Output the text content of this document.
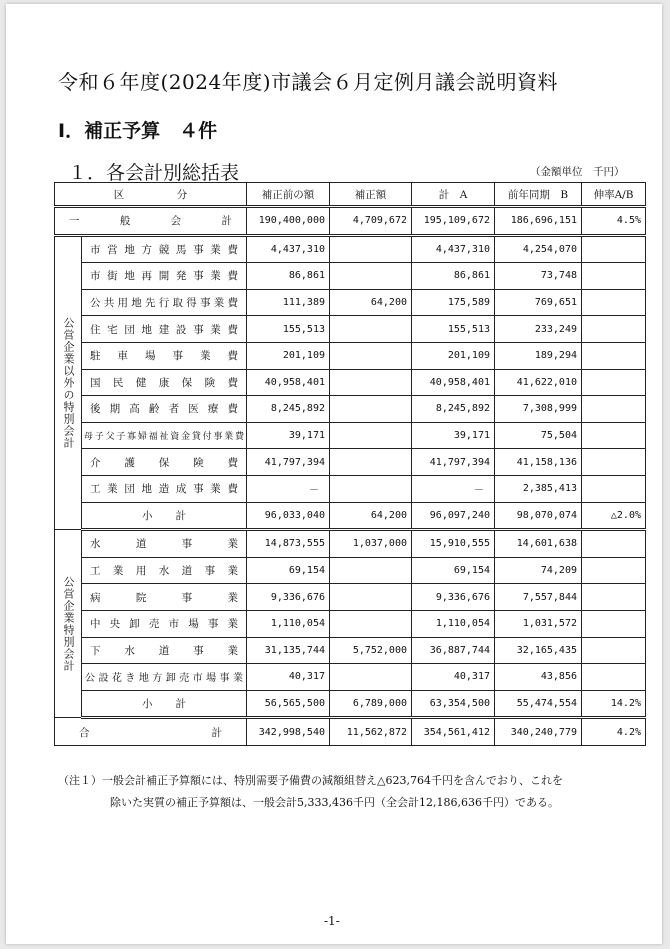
令和６年度(2024年度)市議会６月定例月議会説明資料
Ⅰ．補正予算　４件
１．各会計別総括表	（金額単位　千円）
区　　　　　分		補正前の額	補正額	計　A	前年同期　B	伸率A/B
一　般　会　計		190,400,000	4,709,672	195,109,672	186,696,151	4.5%
公営企業以外の特別会計	市営地方競馬事業費	4,437,310		4,437,310	4,254,070	
	市街地再開発事業費	86,861		86,861	73,748	
	公共用地先行取得事業費	111,389	64,200	175,589	769,651	
	住宅団地建設事業費	155,513		155,513	233,249	
	駐車場事業費	201,109		201,109	189,294	
	国民健康保険費	40,958,401		40,958,401	41,622,010	
	後期高齢者医療費	8,245,892		8,245,892	7,308,999	
	母子父子寡婦福祉資金貸付事業費	39,171		39,171	75,504	
	介護保険費	41,797,394		41,797,394	41,158,136	
	工業団地造成事業費	－		－	2,385,413	
	小　　計	96,033,040	64,200	96,097,240	98,070,074	△2.0%
公営企業特別会計	水道事業	14,873,555	1,037,000	15,910,555	14,601,638	
	工業用水道事業	69,154		69,154	74,209	
	病院事業	9,336,676		9,336,676	7,557,844	
	中央卸売市場事業	1,110,054		1,110,054	1,031,572	
	下水道事業	31,135,744	5,752,000	36,887,744	32,165,435	
	公設花き地方卸売市場事業	40,317		40,317	43,856	
	小　　計	56,565,500	6,789,000	63,354,500	55,474,554	14.2%
合　　　　計		342,998,540	11,562,872	354,561,412	340,240,779	4.2%
（注１）一般会計補正予算額には、特別需要予備費の減額組替え△623,764千円を含んでおり、これを
除いた実質の補正予算額は、一般会計5,333,436千円（全会計12,186,636千円）である。
-1-
